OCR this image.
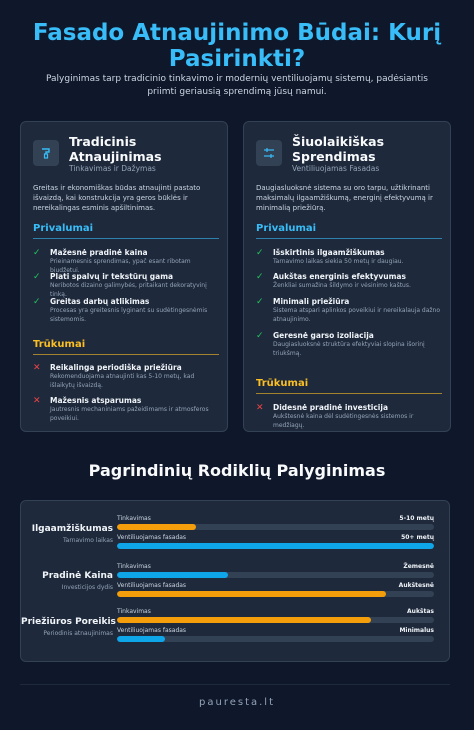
Fasado Atnaujinimo Būdai: Kurį Pasirinkti?
Palyginimas tarp tradicinio tinkavimo ir modernių ventiliuojamų sistemų, padėsiantis priimti geriausią sprendimą jūsų namui.
Tradicinis Atnaujinimas
Tinkavimas ir Dažymas
Greitas ir ekonomiškas būdas atnaujinti pastato išvaizdą, kai konstrukcija yra geros būklės ir nereikalingas esminis apšiltinimas.
Privalumai
✓	Mažesnė pradinė kaina
Prieinamesnis sprendimas, ypač esant ribotam biudžetui.
✓	Plati spalvų ir tekstūrų gama
Neribotos dizaino galimybės, pritaikant dekoratyvinį tinką.
✓	Greitas darbų atlikimas
Procesas yra greitesnis lyginant su sudėtingesnėmis sistemomis.
Trūkumai
✕	Reikalinga periodiška priežiūra
Rekomenduojama atnaujinti kas 5-10 metų, kad išlaikytų išvaizdą.
✕	Mažesnis atsparumas
Jautresnis mechaniniams pažeidimams ir atmosferos poveikiui.
Šiuolaikiškas Sprendimas
Ventiliuojamas Fasadas
Daugiasluoksnė sistema su oro tarpu, užtikrinanti maksimalų ilgaamžiškumą, energinį efektyvumą ir minimalią priežiūrą.
Privalumai
✓	Išskirtinis ilgaamžiškumas
Tarnavimo laikas siekia 50 metų ir daugiau.
✓	Aukštas energinis efektyvumas
Ženkliai sumažina šildymo ir vėsinimo kaštus.
✓	Minimali priežiūra
Sistema atspari aplinkos poveikiui ir nereikalauja dažno atnaujinimo.
✓	Geresnė garso izoliacija
Daugiasluoksnė struktūra efektyviai slopina išorinį triukšmą.
Trūkumai
✕	Didesnė pradinė investicija
Aukštesnė kaina dėl sudėtingesnės sistemos ir medžiagų.
Pagrindinių Rodiklių Palyginimas
Ilgaamžiškumas
Tarnavimo laikas
Pradinė Kaina
Investicijos dydis
Priežiūros Poreikis
Periodinis atnaujinimas
Tinkavimas	5-10 metų
Ventiliuojamas fasadas	50+ metų
Tinkavimas	Žemesnė
Ventiliuojamas fasadas	Aukštesnė
Tinkavimas	Aukštas
Ventiliuojamas fasadas	Minimalus
pauresta.lt
